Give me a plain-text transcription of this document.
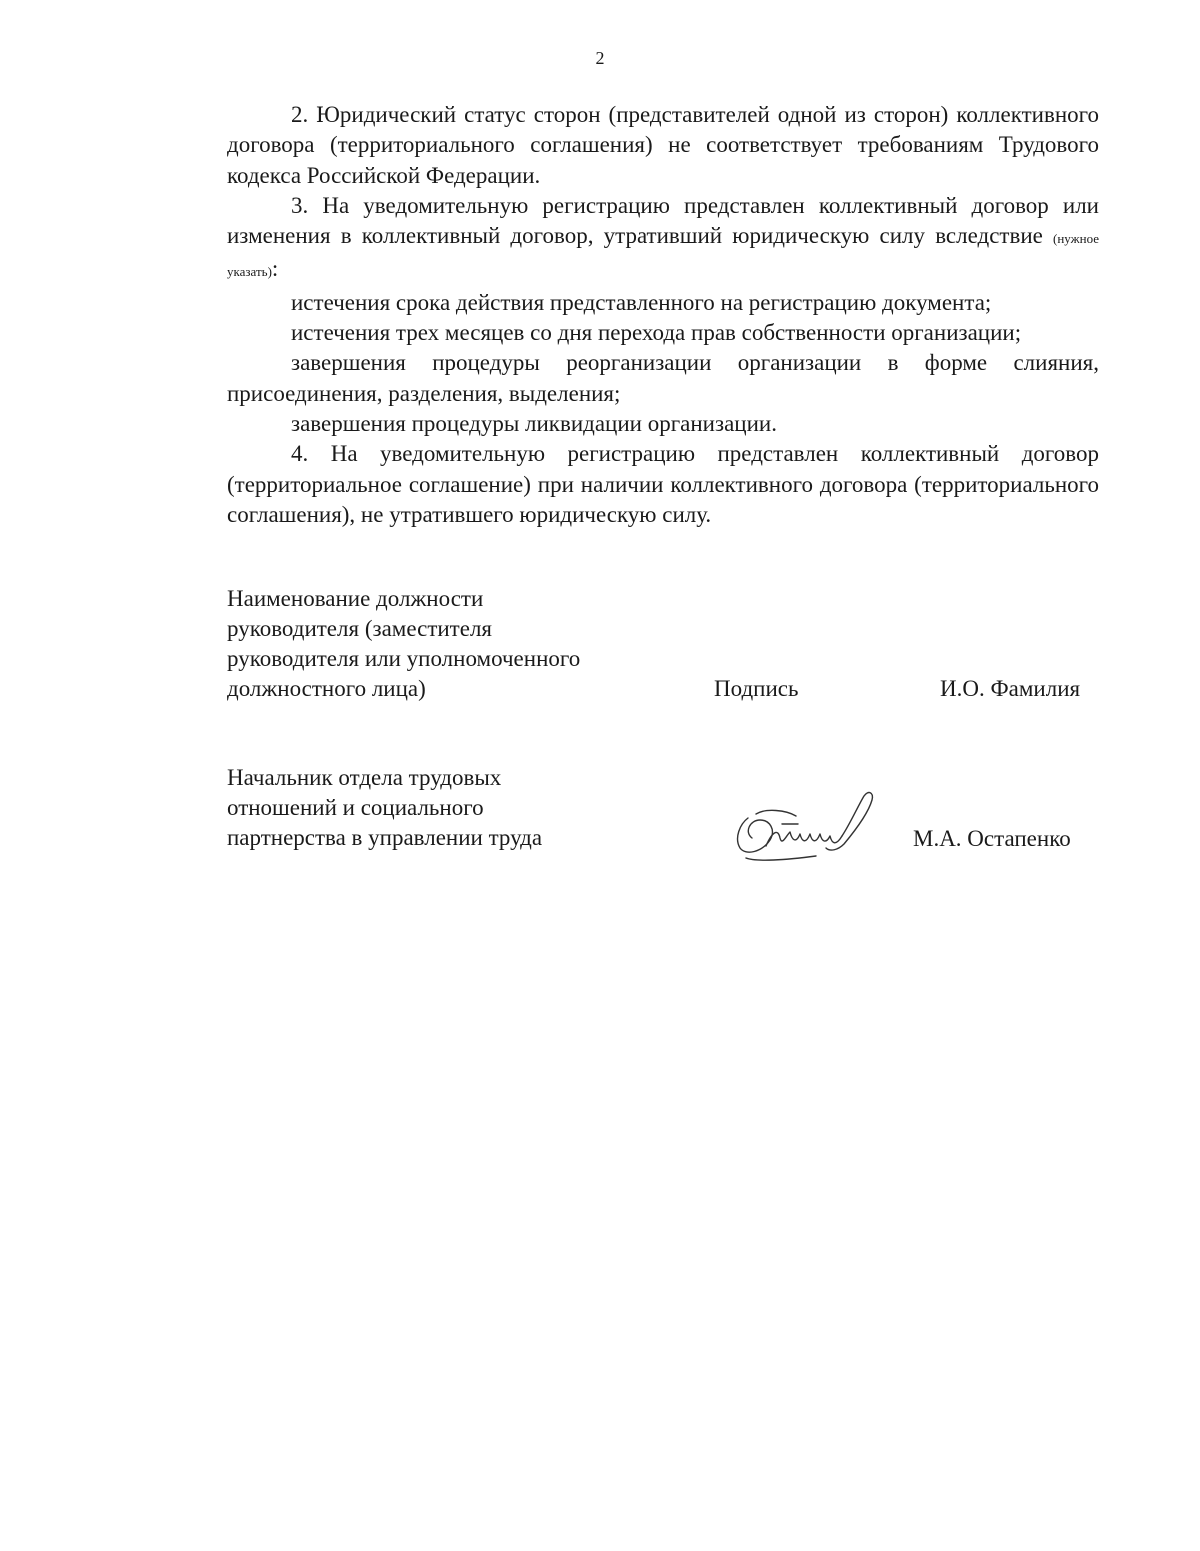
2

2. Юридический статус сторон (представителей одной из сторон) коллективного договора (территориального соглашения) не соответствует требованиям Трудового кодекса Российской Федерации.

3. На уведомительную регистрацию представлен коллективный договор или изменения в коллективный договор, утративший юридическую силу вследствие (нужное указать):

истечения срока действия представленного на регистрацию документа;

истечения трех месяцев со дня перехода прав собственности организации;

завершения процедуры реорганизации организации в форме слияния, присоединения, разделения, выделения;

завершения процедуры ликвидации организации.

4. На уведомительную регистрацию представлен коллективный договор (территориальное соглашение) при наличии коллективного договора (территориального соглашения), не утратившего юридическую силу.

Наименование должности
руководителя (заместителя
руководителя или уполномоченного
должностного лица)	Подпись	И.О. Фамилия
Начальник отдела трудовых
отношений и социального
партнерства в управлении труда	М.А. Остапенко
